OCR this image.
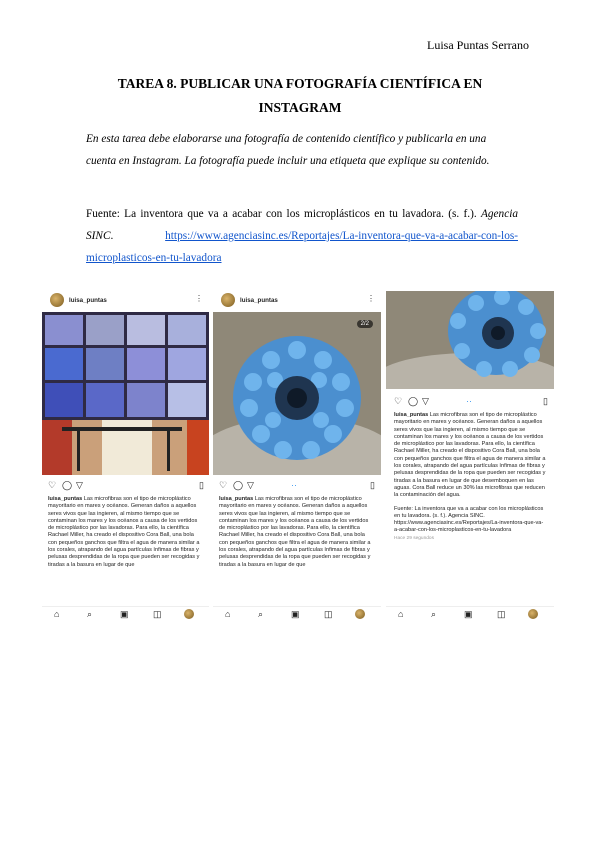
Luisa Puntas Serrano
TAREA 8. PUBLICAR UNA FOTOGRAFÍA CIENTÍFICA EN INSTAGRAM
En esta tarea debe elaborarse una fotografía de contenido científico y publicarla en una cuenta en Instagram. La fotografía puede incluir una etiqueta que explique su contenido.
Fuente: La inventora que va a acabar con los microplásticos en tu lavadora. (s. f.). Agencia SINC. https://www.agenciasinc.es/Reportajes/La-inventora-que-va-a-acabar-con-los-microplasticos-en-tu-lavadora
luisa_puntas	⋮
♡ ◯ ▽	▯
luisa_puntas Las microfibras son el tipo de microplástico mayoritario en mares y océanos. Generan daños a aquellos seres vivos que las ingieren, al mismo tiempo que se contaminan los mares y los océanos a causa de los vertidos de microplástico por las lavadoras. Para ello, la científica Rachael Miller, ha creado el dispositivo Cora Ball, una bola con pequeños ganchos que filtra el agua de manera similar a los corales, atrapando del agua partículas ínfimas de fibras y pelusas desprendidas de la ropa que pueden ser recogidas y tiradas a la basura en lugar de que
⌂	⌕	▣	◫
luisa_puntas	⋮
2/2
♡ ◯ ▽	··	▯
luisa_puntas Las microfibras son el tipo de microplástico mayoritario en mares y océanos. Generan daños a aquellos seres vivos que las ingieren, al mismo tiempo que se contaminan los mares y los océanos a causa de los vertidos de microplástico por las lavadoras. Para ello, la científica Rachael Miller, ha creado el dispositivo Cora Ball, una bola con pequeños ganchos que filtra el agua de manera similar a los corales, atrapando del agua partículas ínfimas de fibras y pelusas desprendidas de la ropa que pueden ser recogidas y tiradas a la basura en lugar de que
⌂	⌕	▣	◫
♡ ◯ ▽	··	▯
luisa_puntas Las microfibras son el tipo de microplástico mayoritario en mares y océanos. Generan daños a aquellos seres vivos que las ingieren, al mismo tiempo que se contaminan los mares y los océanos a causa de los vertidos de microplástico por las lavadoras. Para ello, la científica Rachael Miller, ha creado el dispositivo Cora Ball, una bola con pequeños ganchos que filtra el agua de manera similar a los corales, atrapando del agua partículas ínfimas de fibras y pelusas desprendidas de la ropa que pueden ser recogidas y tiradas a la basura en lugar de que desemboquen en las aguas. Cora Ball reduce un 30% las microfibras que reducen la contaminación del agua.
Fuente: La inventora que va a acabar con los microplásticos en tu lavadora. (s. f.). Agencia SINC. https://www.agenciasinc.es/Reportajes/La-inventora-que-va-a-acabar-con-los-microplasticos-en-tu-lavadora
Hace 29 segundos
⌂	⌕	▣	◫
